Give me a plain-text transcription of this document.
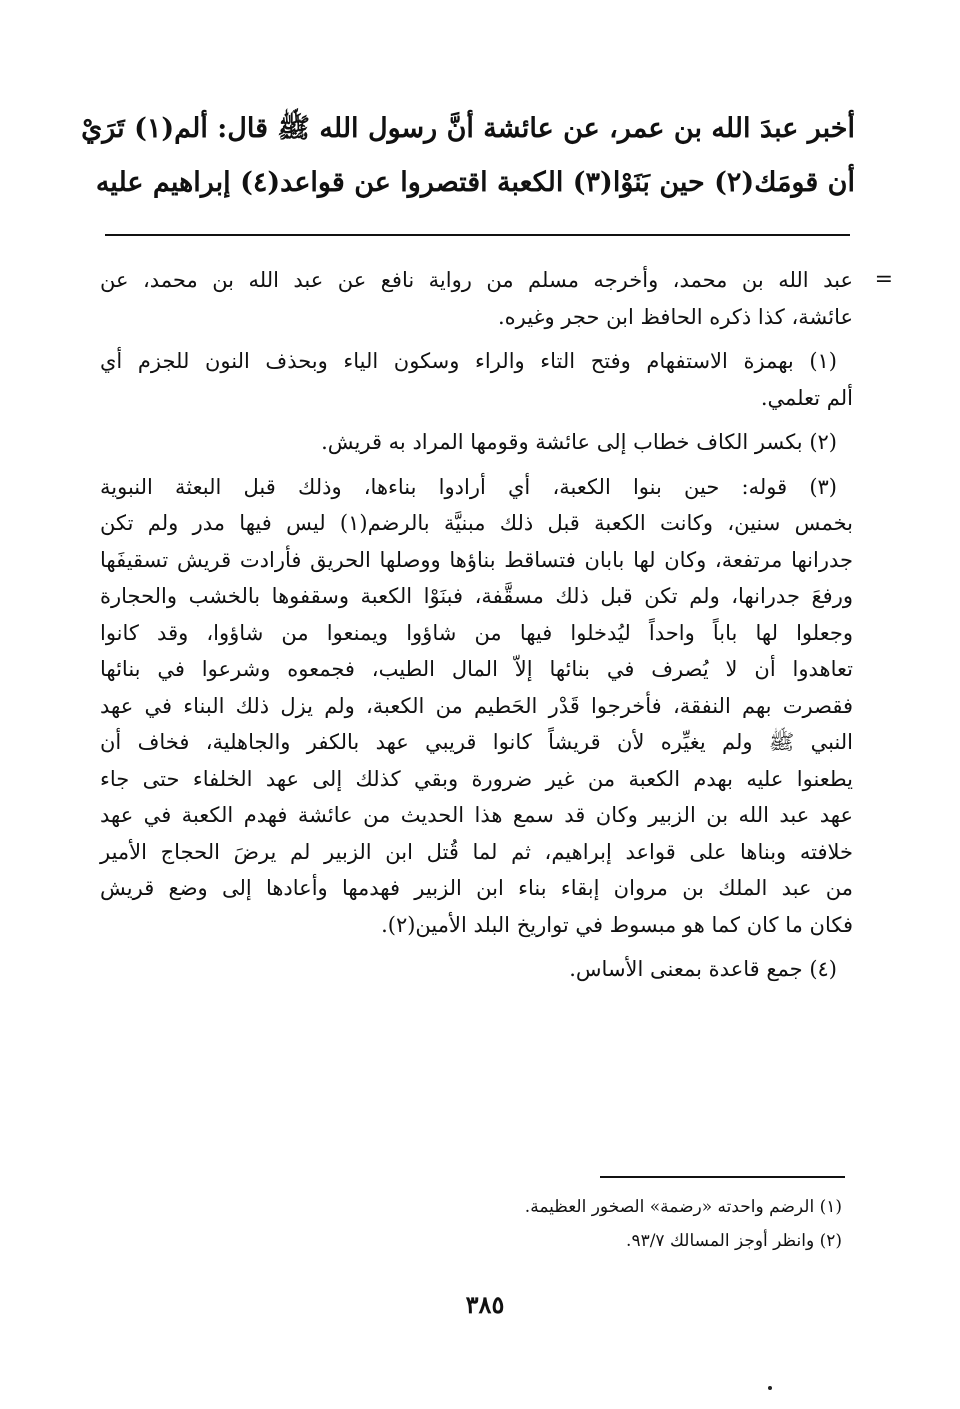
أخبر عبدَ الله بن عمر، عن عائشة أنَّ رسول الله ﷺ قال: ألم(١) تَرَيْ
أن قومَك(٢) حين بَنَوْا(٣) الكعبة اقتصروا عن قواعد(٤) إبراهيم عليه
=
عبد الله بن محمد، وأخرجه مسلم من رواية نافع عن عبد الله بن محمد، عن
عائشة، كذا ذكره الحافظ ابن حجر وغيره.
(١) بهمزة الاستفهام وفتح التاء والراء وسكون الياء وبحذف النون للجزم أي
ألم تعلمي.
(٢) بكسر الكاف خطاب إلى عائشة وقومها المراد به قريش.
(٣) قوله: حين بنوا الكعبة، أي أرادوا بناءها، وذلك قبل البعثة النبوية
بخمس سنين، وكانت الكعبة قبل ذلك مبنيَّة بالرضم(١) ليس فيها مدر ولم تكن
جدرانها مرتفعة، وكان لها بابان فتساقط بناؤها ووصلها الحريق فأرادت قريش تسقيفَها
ورفعَ جدرانها، ولم تكن قبل ذلك مسقَّفة، فبنَوْا الكعبة وسقفوها بالخشب والحجارة
وجعلوا لها باباً واحداً ليُدخلوا فيها من شاؤوا ويمنعوا من شاؤوا، وقد كانوا
تعاهدوا أن لا يُصرف في بنائها إلاّ المال الطيب، فجمعوه وشرعوا في بنائها
فقصرت بهم النفقة، فأخرجوا قَدْر الحَطيم من الكعبة، ولم يزل ذلك البناء في عهد
النبي ﷺ ولم يغيِّره لأن قريشاً كانوا قريبي عهد بالكفر والجاهلية، فخاف أن
يطعنوا عليه بهدم الكعبة من غير ضرورة وبقي كذلك إلى عهد الخلفاء حتى جاء
عهد عبد الله بن الزبير وكان قد سمع هذا الحديث من عائشة فهدم الكعبة في عهد
خلافته وبناها على قواعد إبراهيم، ثم لما قُتل ابن الزبير لم يرضَ الحجاج الأمير
من عبد الملك بن مروان إبقاء بناء ابن الزبير فهدمها وأعادها إلى وضع قريش
فكان ما كان كما هو مبسوط في تواريخ البلد الأمين(٢).
(٤) جمع قاعدة بمعنى الأساس.
(١) الرضم واحدته «رضمة» الصخور العظيمة.
(٢) وانظر أوجز المسالك ٩٣/٧.
٣٨٥
